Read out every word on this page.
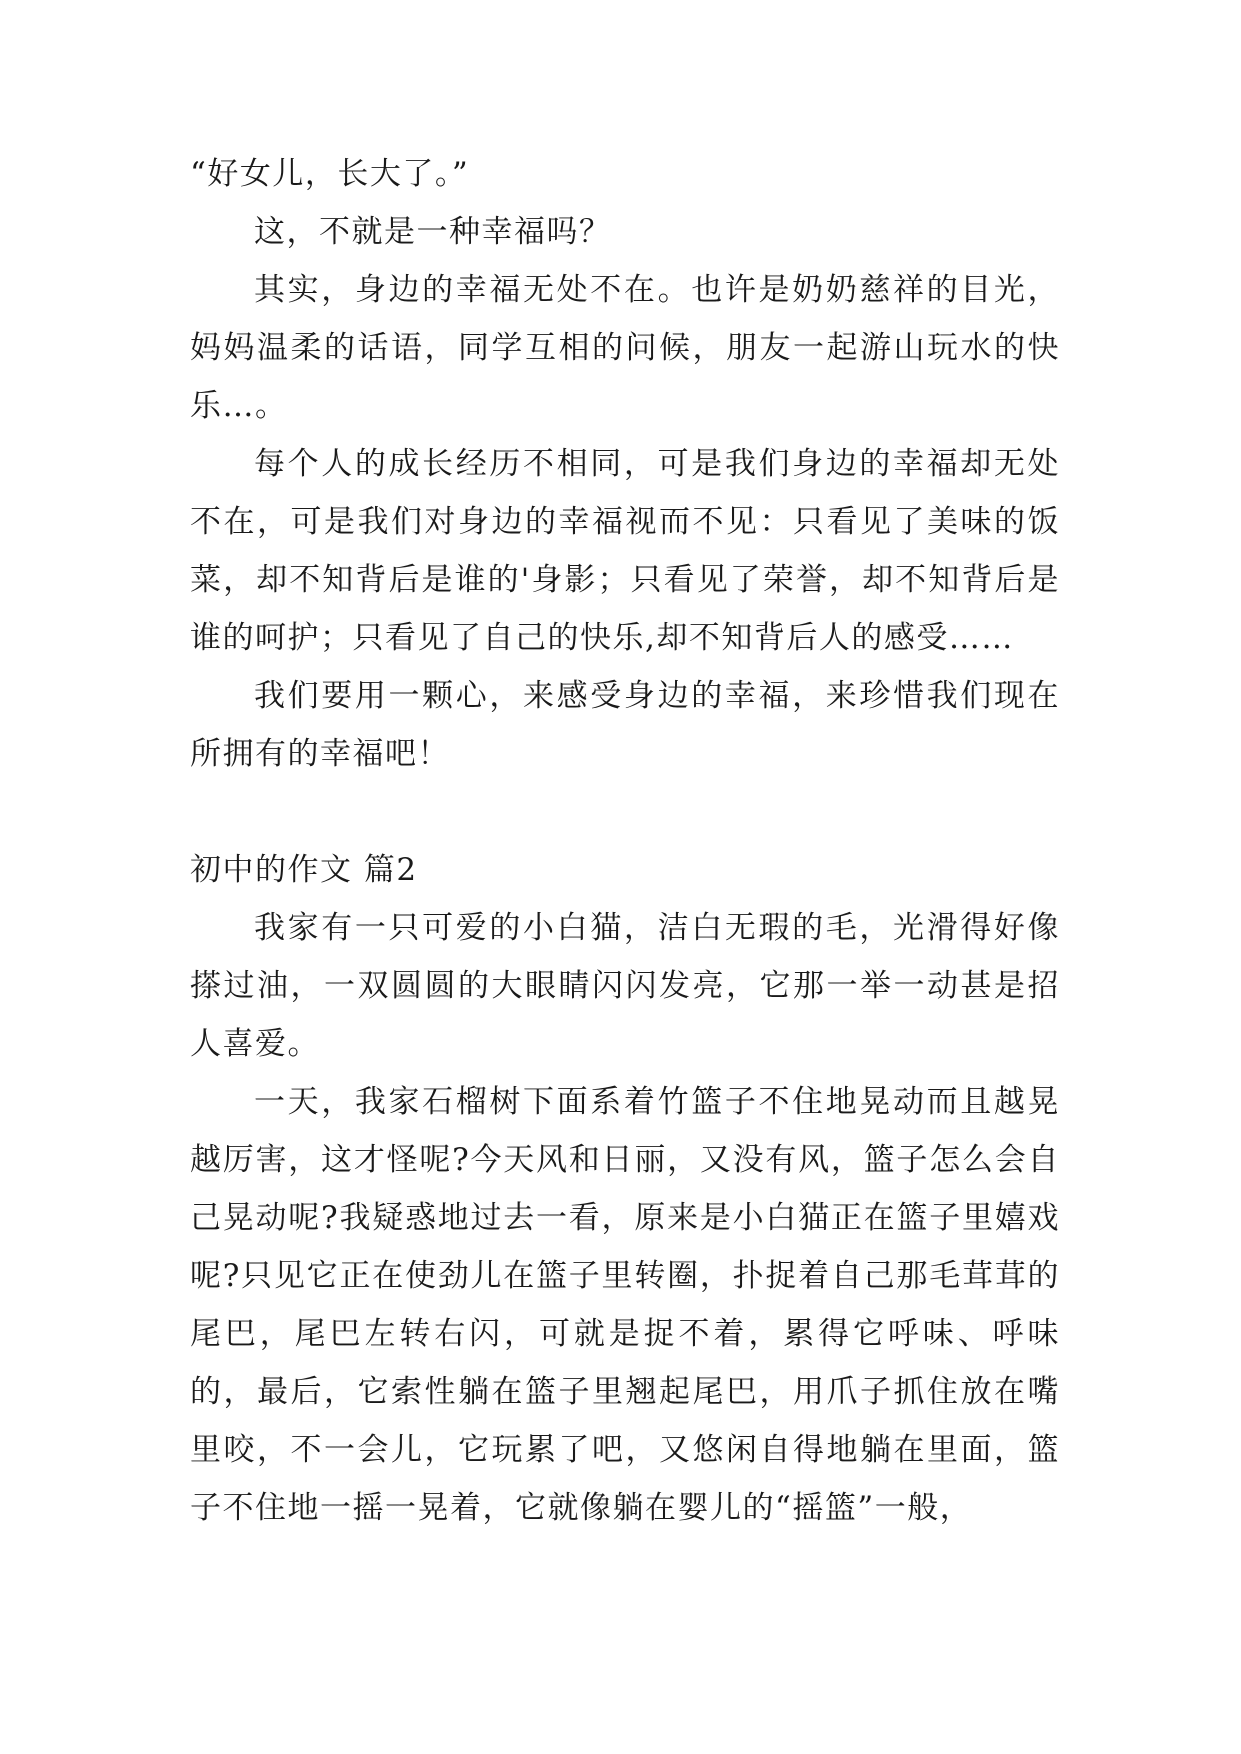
“好女儿，长大了。”

这，不就是一种幸福吗？

其实，身边的幸福无处不在。也许是奶奶慈祥的目光，妈妈温柔的话语，同学互相的问候，朋友一起游山玩水的快乐…。

每个人的成长经历不相同，可是我们身边的幸福却无处不在，可是我们对身边的幸福视而不见：只看见了美味的饭菜，却不知背后是谁的'身影；只看见了荣誉，却不知背后是谁的呵护；只看见了自己的快乐,却不知背后人的感受……

我们要用一颗心，来感受身边的幸福，来珍惜我们现在所拥有的幸福吧！

初中的作文 篇2

我家有一只可爱的小白猫，洁白无瑕的毛，光滑得好像搽过油，一双圆圆的大眼睛闪闪发亮，它那一举一动甚是招人喜爱。

一天，我家石榴树下面系着竹篮子不住地晃动而且越晃越厉害，这才怪呢?今天风和日丽，又没有风，篮子怎么会自己晃动呢?我疑惑地过去一看，原来是小白猫正在篮子里嬉戏呢?只见它正在使劲儿在篮子里转圈，扑捉着自己那毛茸茸的尾巴，尾巴左转右闪，可就是捉不着，累得它呼味、呼味的，最后，它索性躺在篮子里翘起尾巴，用爪子抓住放在嘴里咬，不一会儿，它玩累了吧，又悠闲自得地躺在里面，篮子不住地一摇一晃着，它就像躺在婴儿的“摇篮”一般，
